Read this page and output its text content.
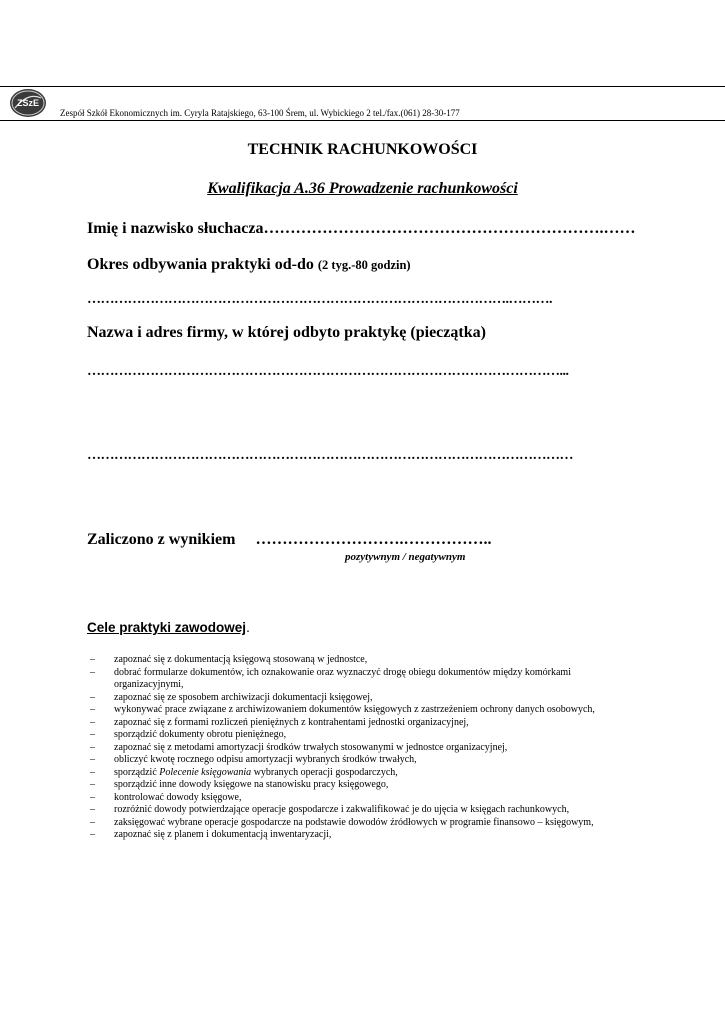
ZSzE
Zespół Szkół Ekonomicznych im. Cyryla Ratajskiego, 63-100 Śrem, ul. Wybickiego 2 tel./fax.(061) 28-30-177
TECHNIK RACHUNKOWOŚCI
Kwalifikacja A.36 Prowadzenie rachunkowości
Imię i nazwisko słuchacza……………………………………………………….……
Okres odbywania praktyki od-do (2 tyg.-80 godzin)
………………………………………………………………………………….……….
Nazwa i adres firmy, w której odbyto praktykę (pieczątka)
……………………………………………………………………………………………...
………………………………………………………………………………………………
Zaliczono z wynikiem ……………………….……………..
pozytywnym / negatywnym
Cele praktyki zawodowej.
– zapoznać się z dokumentacją księgową stosowaną w jednostce,
– dobrać formularze dokumentów, ich oznakowanie oraz wyznaczyć drogę obiegu dokumentów między komórkami organizacyjnymi,
– zapoznać się ze sposobem archiwizacji dokumentacji księgowej,
– wykonywać prace związane z archiwizowaniem dokumentów księgowych z zastrzeżeniem ochrony danych osobowych,
– zapoznać się z formami rozliczeń pieniężnych z kontrahentami jednostki organizacyjnej,
– sporządzić dokumenty obrotu pieniężnego,
– zapoznać się z metodami amortyzacji środków trwałych stosowanymi w jednostce organizacyjnej,
– obliczyć kwotę rocznego odpisu amortyzacji wybranych środków trwałych,
– sporządzić Polecenie księgowania wybranych operacji gospodarczych,
– sporządzić inne dowody księgowe na stanowisku pracy księgowego,
– kontrolować dowody księgowe,
– rozróżnić dowody potwierdzające operacje gospodarcze i zakwalifikować je do ujęcia w księgach rachunkowych,
– zaksięgować wybrane operacje gospodarcze na podstawie dowodów źródłowych w programie finansowo – księgowym,
– zapoznać się z planem i dokumentacją inwentaryzacji,
